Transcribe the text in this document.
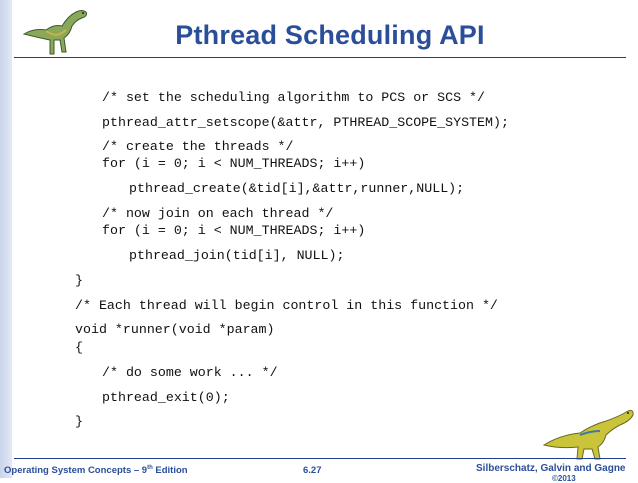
Pthread Scheduling API
/* set the scheduling algorithm to PCS or SCS */
pthread_attr_setscope(&attr, PTHREAD_SCOPE_SYSTEM);
/* create the threads */
for (i = 0; i < NUM_THREADS; i++)
pthread_create(&tid[i],&attr,runner,NULL);
/* now join on each thread */
for (i = 0; i < NUM_THREADS; i++)
pthread_join(tid[i], NULL);
}
/* Each thread will begin control in this function */
void *runner(void *param)
{
/* do some work ... */
pthread_exit(0);
}
Operating System Concepts – 9th Edition	6.27	Silberschatz, Galvin and Gagne
©2013
